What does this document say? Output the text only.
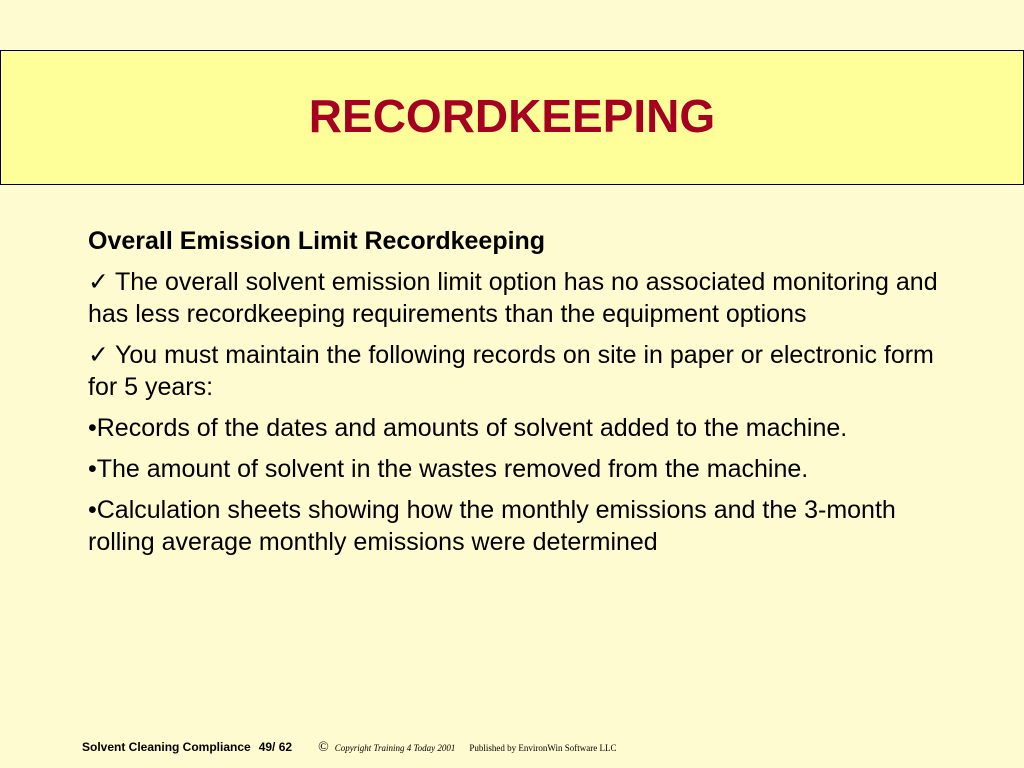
RECORDKEEPING
Overall Emission Limit Recordkeeping
✓ The overall solvent emission limit option has no associated monitoring and has less recordkeeping requirements than the equipment options
✓ You must maintain the following records on site in paper or electronic form for 5 years:
•Records of the dates and amounts of solvent added to the machine.
•The amount of solvent in the wastes removed from the machine.
•Calculation sheets showing how the monthly emissions and the 3-month rolling average monthly emissions were determined
Solvent Cleaning Compliance 49/ 62 © Copyright Training 4 Today 2001 Published by EnvironWin Software LLC
